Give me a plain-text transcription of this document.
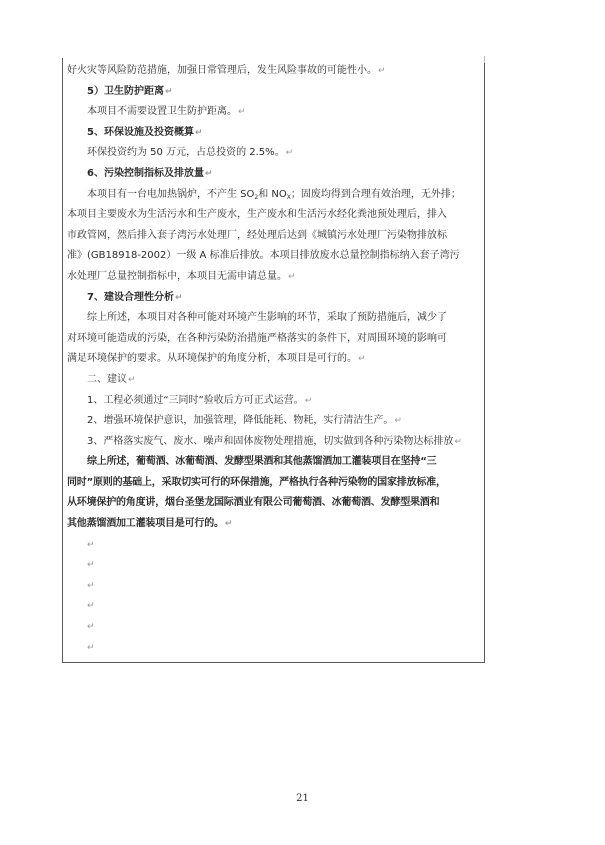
好火灾等风险防范措施，加强日常管理后，发生风险事故的可能性小。↵
5）卫生防护距离↵
本项目不需要设置卫生防护距离。↵
5、环保设施及投资概算↵
环保投资约为 50 万元，占总投资的 2.5%。↵
6、污染控制指标及排放量↵
本项目有一台电加热锅炉，不产生 $SO_2$和 $NO_X$；固废均得到合理有效治理，无外排；
本项目主要废水为生活污水和生产废水，生产废水和生活污水经化粪池预处理后，排入
市政管网，然后排入套子湾污水处理厂，经处理后达到《城镇污水处理厂污染物排放标
准》(GB18918-2002）一级 A 标准后排放。本项目排放废水总量控制指标纳入套子湾污
水处理厂总量控制指标中，本项目无需申请总量。↵
7、建设合理性分析↵
综上所述，本项目对各种可能对环境产生影响的环节，采取了预防措施后，减少了
对环境可能造成的污染，在各种污染防治措施严格落实的条件下，对周围环境的影响可
满足环境保护的要求。从环境保护的角度分析，本项目是可行的。↵
二、建议↵
1、工程必须通过“三同时”验收后方可正式运营。↵
2、增强环境保护意识，加强管理，降低能耗、物耗，实行清洁生产。↵
3、严格落实废气、废水、噪声和固体废物处理措施，切实做到各种污染物达标排放↵
综上所述，葡萄酒、冰葡萄酒、发酵型果酒和其他蒸馏酒加工灌装项目在坚持“三
同时”原则的基础上，采取切实可行的环保措施，严格执行各种污染物的国家排放标准，
从环境保护的角度讲，烟台圣堡龙国际酒业有限公司葡萄酒、冰葡萄酒、发酵型果酒和
其他蒸馏酒加工灌装项目是可行的。↵
↵
↵
↵
↵
↵
↵
21
